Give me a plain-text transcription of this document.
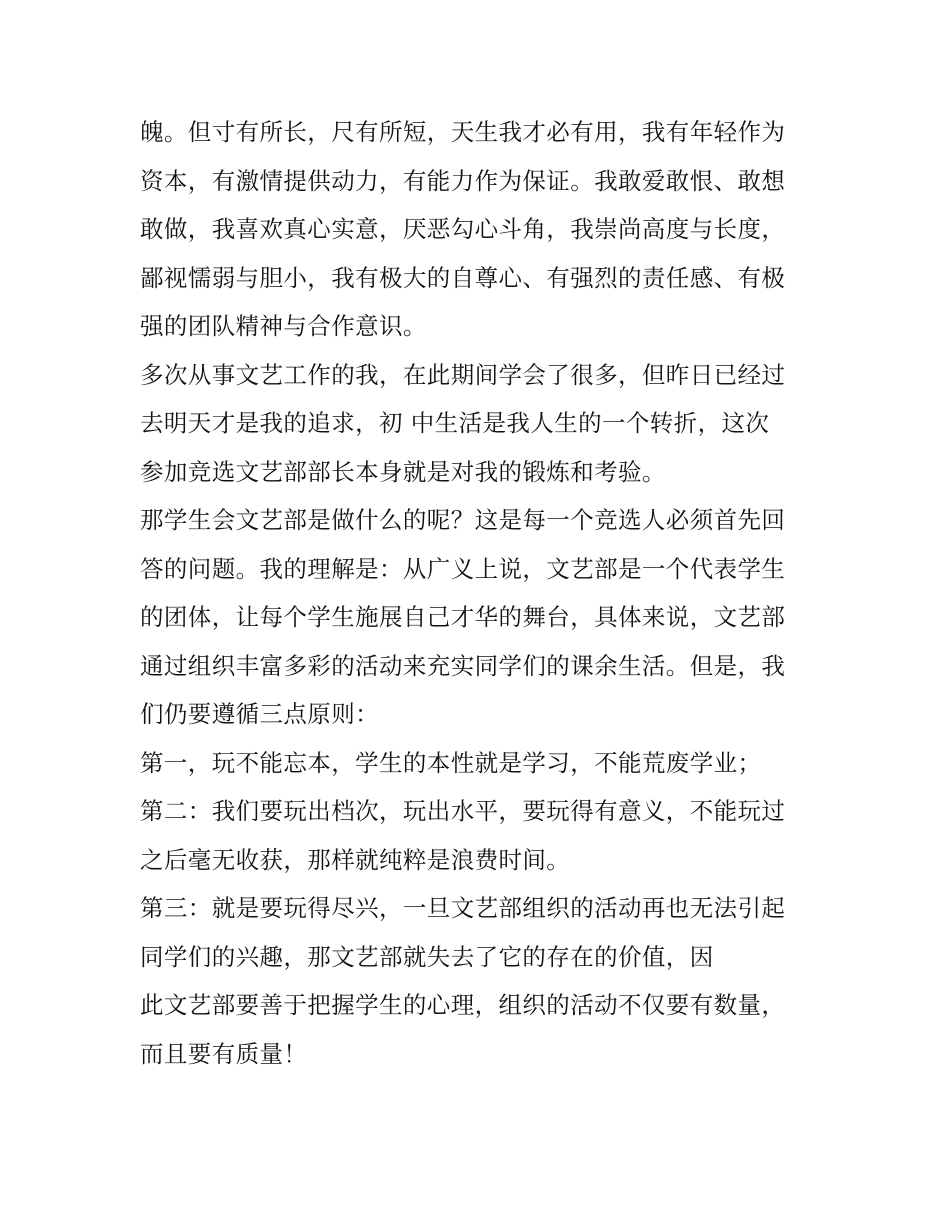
魄。但寸有所长，尺有所短，天生我才必有用，我有年轻作为
资本，有激情提供动力，有能力作为保证。我敢爱敢恨、敢想
敢做，我喜欢真心实意，厌恶勾心斗角，我崇尚高度与长度，
鄙视懦弱与胆小，我有极大的自尊心、有强烈的责任感、有极
强的团队精神与合作意识。
多次从事文艺工作的我，在此期间学会了很多，但昨日已经过
去明天才是我的追求，初 中生活是我人生的一个转折，这次
参加竞选文艺部部长本身就是对我的锻炼和考验。
那学生会文艺部是做什么的呢？这是每一个竞选人必须首先回
答的问题。我的理解是：从广义上说，文艺部是一个代表学生
的团体，让每个学生施展自己才华的舞台，具体来说，文艺部
通过组织丰富多彩的活动来充实同学们的课余生活。但是，我
们仍要遵循三点原则：
第一，玩不能忘本，学生的本性就是学习，不能荒废学业；
第二：我们要玩出档次，玩出水平，要玩得有意义，不能玩过
之后毫无收获，那样就纯粹是浪费时间。
第三：就是要玩得尽兴，一旦文艺部组织的活动再也无法引起
同学们的兴趣，那文艺部就失去了它的存在的价值，因
此文艺部要善于把握学生的心理，组织的活动不仅要有数量，
而且要有质量！
